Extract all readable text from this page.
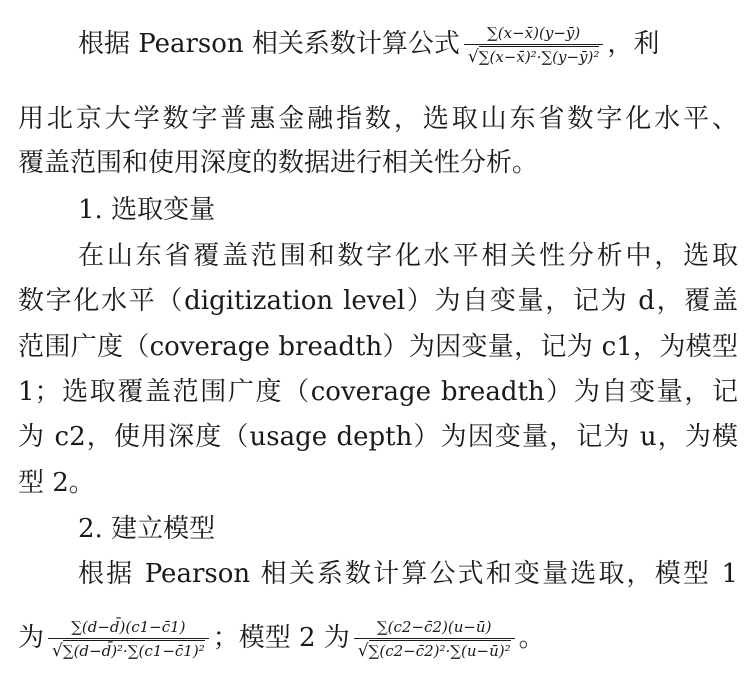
根据 Pearson 相关系数计算公式 $\frac{\sum(x-x̄)(y-ȳ)}{\text{√∑(x−x̄)²·∑(y−ȳ)²}}$ ，利
用北京大学数字普惠金融指数，选取山东省数字化水平、
覆盖范围和使用深度的数据进行相关性分析。
1. 选取变量
在山东省覆盖范围和数字化水平相关性分析中，选取
数字化水平（digitization level）为自变量，记为 d，覆盖
范围广度（coverage breadth）为因变量，记为 c1，为模型
1；选取覆盖范围广度（coverage breadth）为自变量，记
为 c2，使用深度（usage depth）为因变量，记为 u，为模
型 2。
2. 建立模型
根据 Pearson 相关系数计算公式和变量选取，模型 1
为 $\frac{\sum(d-d̄)(c1-c̄1)}{\text{√∑(d−d̄)²·∑(c1−c̄1)²}}$ ；模型 2 为 $\frac{\sum(c2-c̄2)(u-ū)}{\text{√∑(c2−c̄2)²·∑(u−ū)²}}$ 。
